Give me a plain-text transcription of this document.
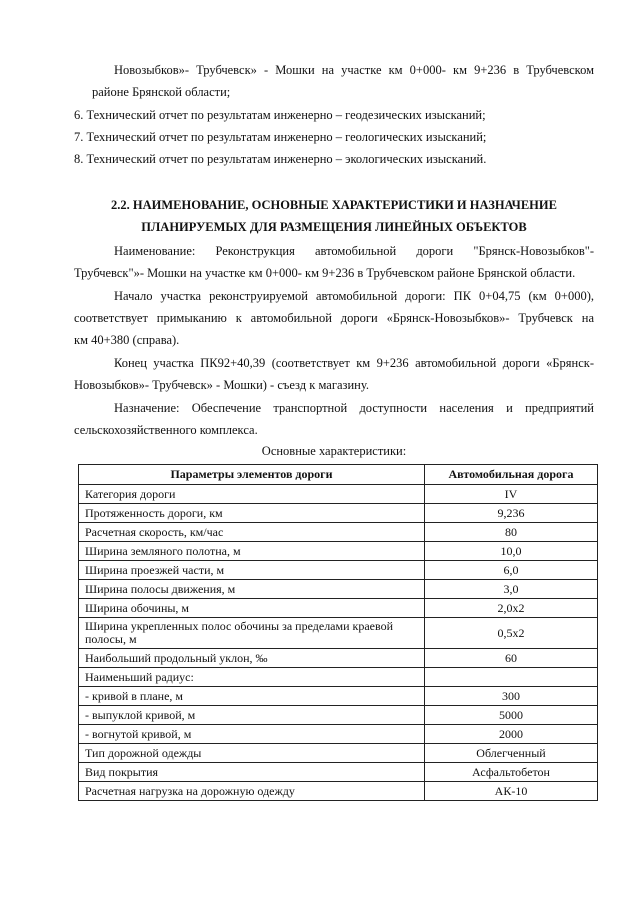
Новозыбков»- Трубчевск» - Мошки на участке км 0+000- км 9+236 в Трубчевском
районе Брянской области;
6. Технический отчет по результатам инженерно – геодезических изысканий;
7. Технический отчет по результатам инженерно – геологических изысканий;
8. Технический отчет по результатам инженерно – экологических изысканий.
2.2. НАИМЕНОВАНИЕ, ОСНОВНЫЕ ХАРАКТЕРИСТИКИ И НАЗНАЧЕНИЕ
ПЛАНИРУЕМЫХ ДЛЯ РАЗМЕЩЕНИЯ ЛИНЕЙНЫХ ОБЪЕКТОВ
Наименование: Реконструкция автомобильной дороги "Брянск-Новозыбков"-
Трубчевск"»- Мошки на участке км 0+000- км 9+236 в Трубчевском районе Брянской области.
Начало участка реконструируемой автомобильной дороги: ПК 0+04,75 (км 0+000),
соответствует примыканию к автомобильной дороги «Брянск-Новозыбков»- Трубчевск на
км 40+380 (справа).
Конец участка ПК92+40,39 (соответствует км 9+236 автомобильной дороги «Брянск-
Новозыбков»- Трубчевск» - Мошки) - съезд к магазину.
Назначение: Обеспечение транспортной доступности населения и предприятий
сельскохозяйственного комплекса.
Основные характеристики:
Параметры элементов дороги	Автомобильная дорога
Категория дороги	IV
Протяженность дороги, км	9,236
Расчетная скорость, км/час	80
Ширина земляного полотна, м	10,0
Ширина проезжей части, м	6,0
Ширина полосы движения, м	3,0
Ширина обочины, м	2,0х2
Ширина укрепленных полос обочины за пределами краевой полосы, м	0,5х2
Наибольший продольный уклон, ‰	60
Наименьший радиус:	
- кривой в плане, м	300
- выпуклой кривой, м	5000
- вогнутой кривой, м	2000
Тип дорожной одежды	Облегченный
Вид покрытия	Асфальтобетон
Расчетная нагрузка на дорожную одежду	АК-10
